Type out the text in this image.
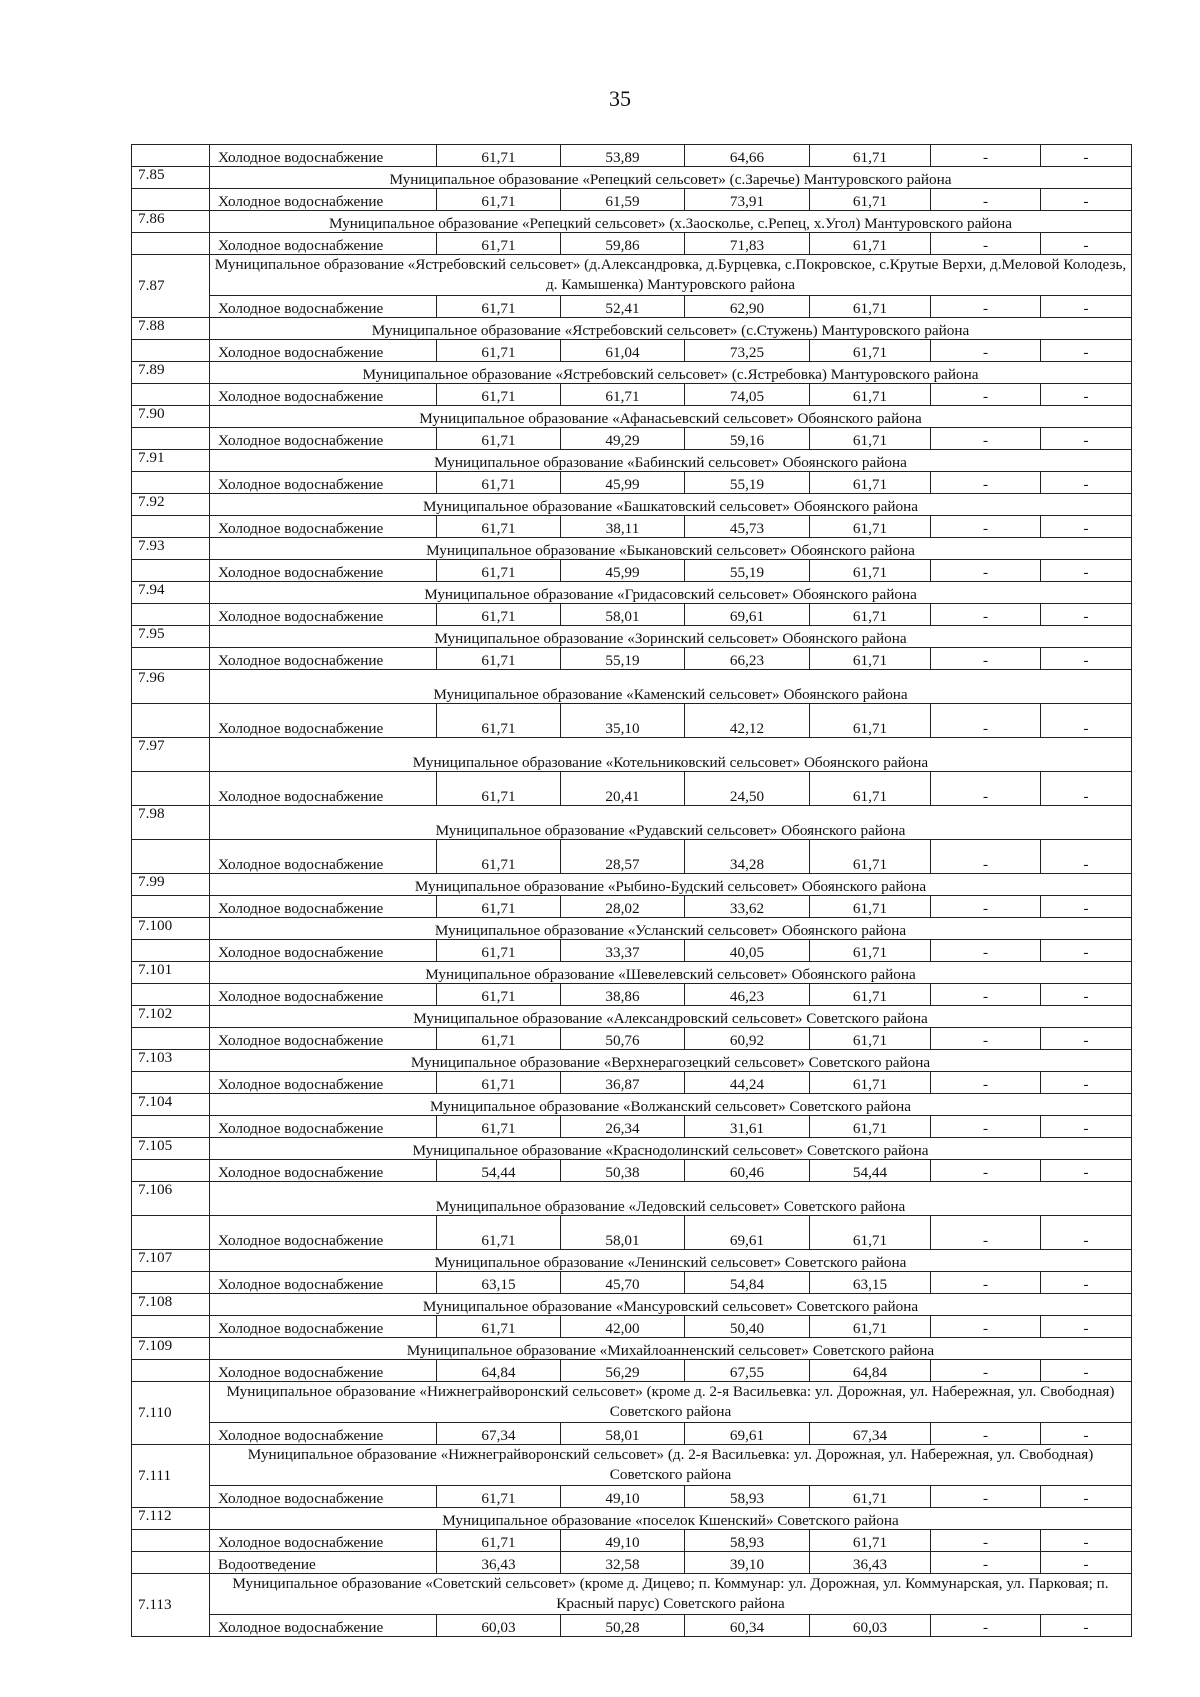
35
	Холодное водоснабжение	61,71	53,89	64,66	61,71	-	-
7.85	Муниципальное образование «Репецкий сельсовет» (с.Заречье) Мантуровского района						
	Холодное водоснабжение	61,71	61,59	73,91	61,71	-	-
7.86	Муниципальное образование «Репецкий сельсовет» (х.Заосколье, с.Репец, х.Угол) Мантуровского района						
	Холодное водоснабжение	61,71	59,86	71,83	61,71	-	-
7.87	Муниципальное образование «Ястребовский сельсовет» (д.Александровка, д.Бурцевка, с.Покровское, с.Крутые Верхи, д.Меловой Колодезь, д. Камышенка) Мантуровского района						
	Холодное водоснабжение	61,71	52,41	62,90	61,71	-	-
7.88	Муниципальное образование «Ястребовский сельсовет» (с.Стужень) Мантуровского района						
	Холодное водоснабжение	61,71	61,04	73,25	61,71	-	-
7.89	Муниципальное образование «Ястребовский сельсовет» (с.Ястребовка) Мантуровского района						
	Холодное водоснабжение	61,71	61,71	74,05	61,71	-	-
7.90	Муниципальное образование «Афанасьевский сельсовет» Обоянского района						
	Холодное водоснабжение	61,71	49,29	59,16	61,71	-	-
7.91	Муниципальное образование «Бабинский сельсовет» Обоянского района						
	Холодное водоснабжение	61,71	45,99	55,19	61,71	-	-
7.92	Муниципальное образование «Башкатовский сельсовет» Обоянского района						
	Холодное водоснабжение	61,71	38,11	45,73	61,71	-	-
7.93	Муниципальное образование «Быкановский сельсовет» Обоянского района						
	Холодное водоснабжение	61,71	45,99	55,19	61,71	-	-
7.94	Муниципальное образование «Гридасовский сельсовет» Обоянского района						
	Холодное водоснабжение	61,71	58,01	69,61	61,71	-	-
7.95	Муниципальное образование «Зоринский сельсовет» Обоянского района						
	Холодное водоснабжение	61,71	55,19	66,23	61,71	-	-
7.96	Муниципальное образование «Каменский сельсовет» Обоянского района						
	Холодное водоснабжение	61,71	35,10	42,12	61,71	-	-
7.97	Муниципальное образование «Котельниковский сельсовет» Обоянского района						
	Холодное водоснабжение	61,71	20,41	24,50	61,71	-	-
7.98	Муниципальное образование «Рудавский сельсовет» Обоянского района						
	Холодное водоснабжение	61,71	28,57	34,28	61,71	-	-
7.99	Муниципальное образование «Рыбино-Будский сельсовет» Обоянского района						
	Холодное водоснабжение	61,71	28,02	33,62	61,71	-	-
7.100	Муниципальное образование «Усланский сельсовет» Обоянского района						
	Холодное водоснабжение	61,71	33,37	40,05	61,71	-	-
7.101	Муниципальное образование «Шевелевский сельсовет» Обоянского района						
	Холодное водоснабжение	61,71	38,86	46,23	61,71	-	-
7.102	Муниципальное образование «Александровский сельсовет» Советского района						
	Холодное водоснабжение	61,71	50,76	60,92	61,71	-	-
7.103	Муниципальное образование «Верхнерагозецкий сельсовет» Советского района						
	Холодное водоснабжение	61,71	36,87	44,24	61,71	-	-
7.104	Муниципальное образование «Волжанский сельсовет» Советского района						
	Холодное водоснабжение	61,71	26,34	31,61	61,71	-	-
7.105	Муниципальное образование «Краснодолинский сельсовет» Советского района						
	Холодное водоснабжение	54,44	50,38	60,46	54,44	-	-
7.106	Муниципальное образование «Ледовский сельсовет» Советского района						
	Холодное водоснабжение	61,71	58,01	69,61	61,71	-	-
7.107	Муниципальное образование «Ленинский сельсовет» Советского района						
	Холодное водоснабжение	63,15	45,70	54,84	63,15	-	-
7.108	Муниципальное образование «Мансуровский сельсовет» Советского района						
	Холодное водоснабжение	61,71	42,00	50,40	61,71	-	-
7.109	Муниципальное образование «Михайлоанненский сельсовет» Советского района						
	Холодное водоснабжение	64,84	56,29	67,55	64,84	-	-
7.110	Муниципальное образование «Нижнеграйворонский сельсовет» (кроме д. 2-я Васильевка: ул. Дорожная, ул. Набережная, ул. Свободная) Советского района						
	Холодное водоснабжение	67,34	58,01	69,61	67,34	-	-
7.111	Муниципальное образование «Нижнеграйворонский сельсовет» (д. 2-я Васильевка: ул. Дорожная, ул. Набережная, ул. Свободная) Советского района						
	Холодное водоснабжение	61,71	49,10	58,93	61,71	-	-
7.112	Муниципальное образование «поселок Кшенский» Советского района						
	Холодное водоснабжение	61,71	49,10	58,93	61,71	-	-
	Водоотведение	36,43	32,58	39,10	36,43	-	-
7.113	Муниципальное образование «Советский сельсовет» (кроме д. Дицево; п. Коммунар: ул. Дорожная, ул. Коммунарская, ул. Парковая; п. Красный парус) Советского района						
	Холодное водоснабжение	60,03	50,28	60,34	60,03	-	-
